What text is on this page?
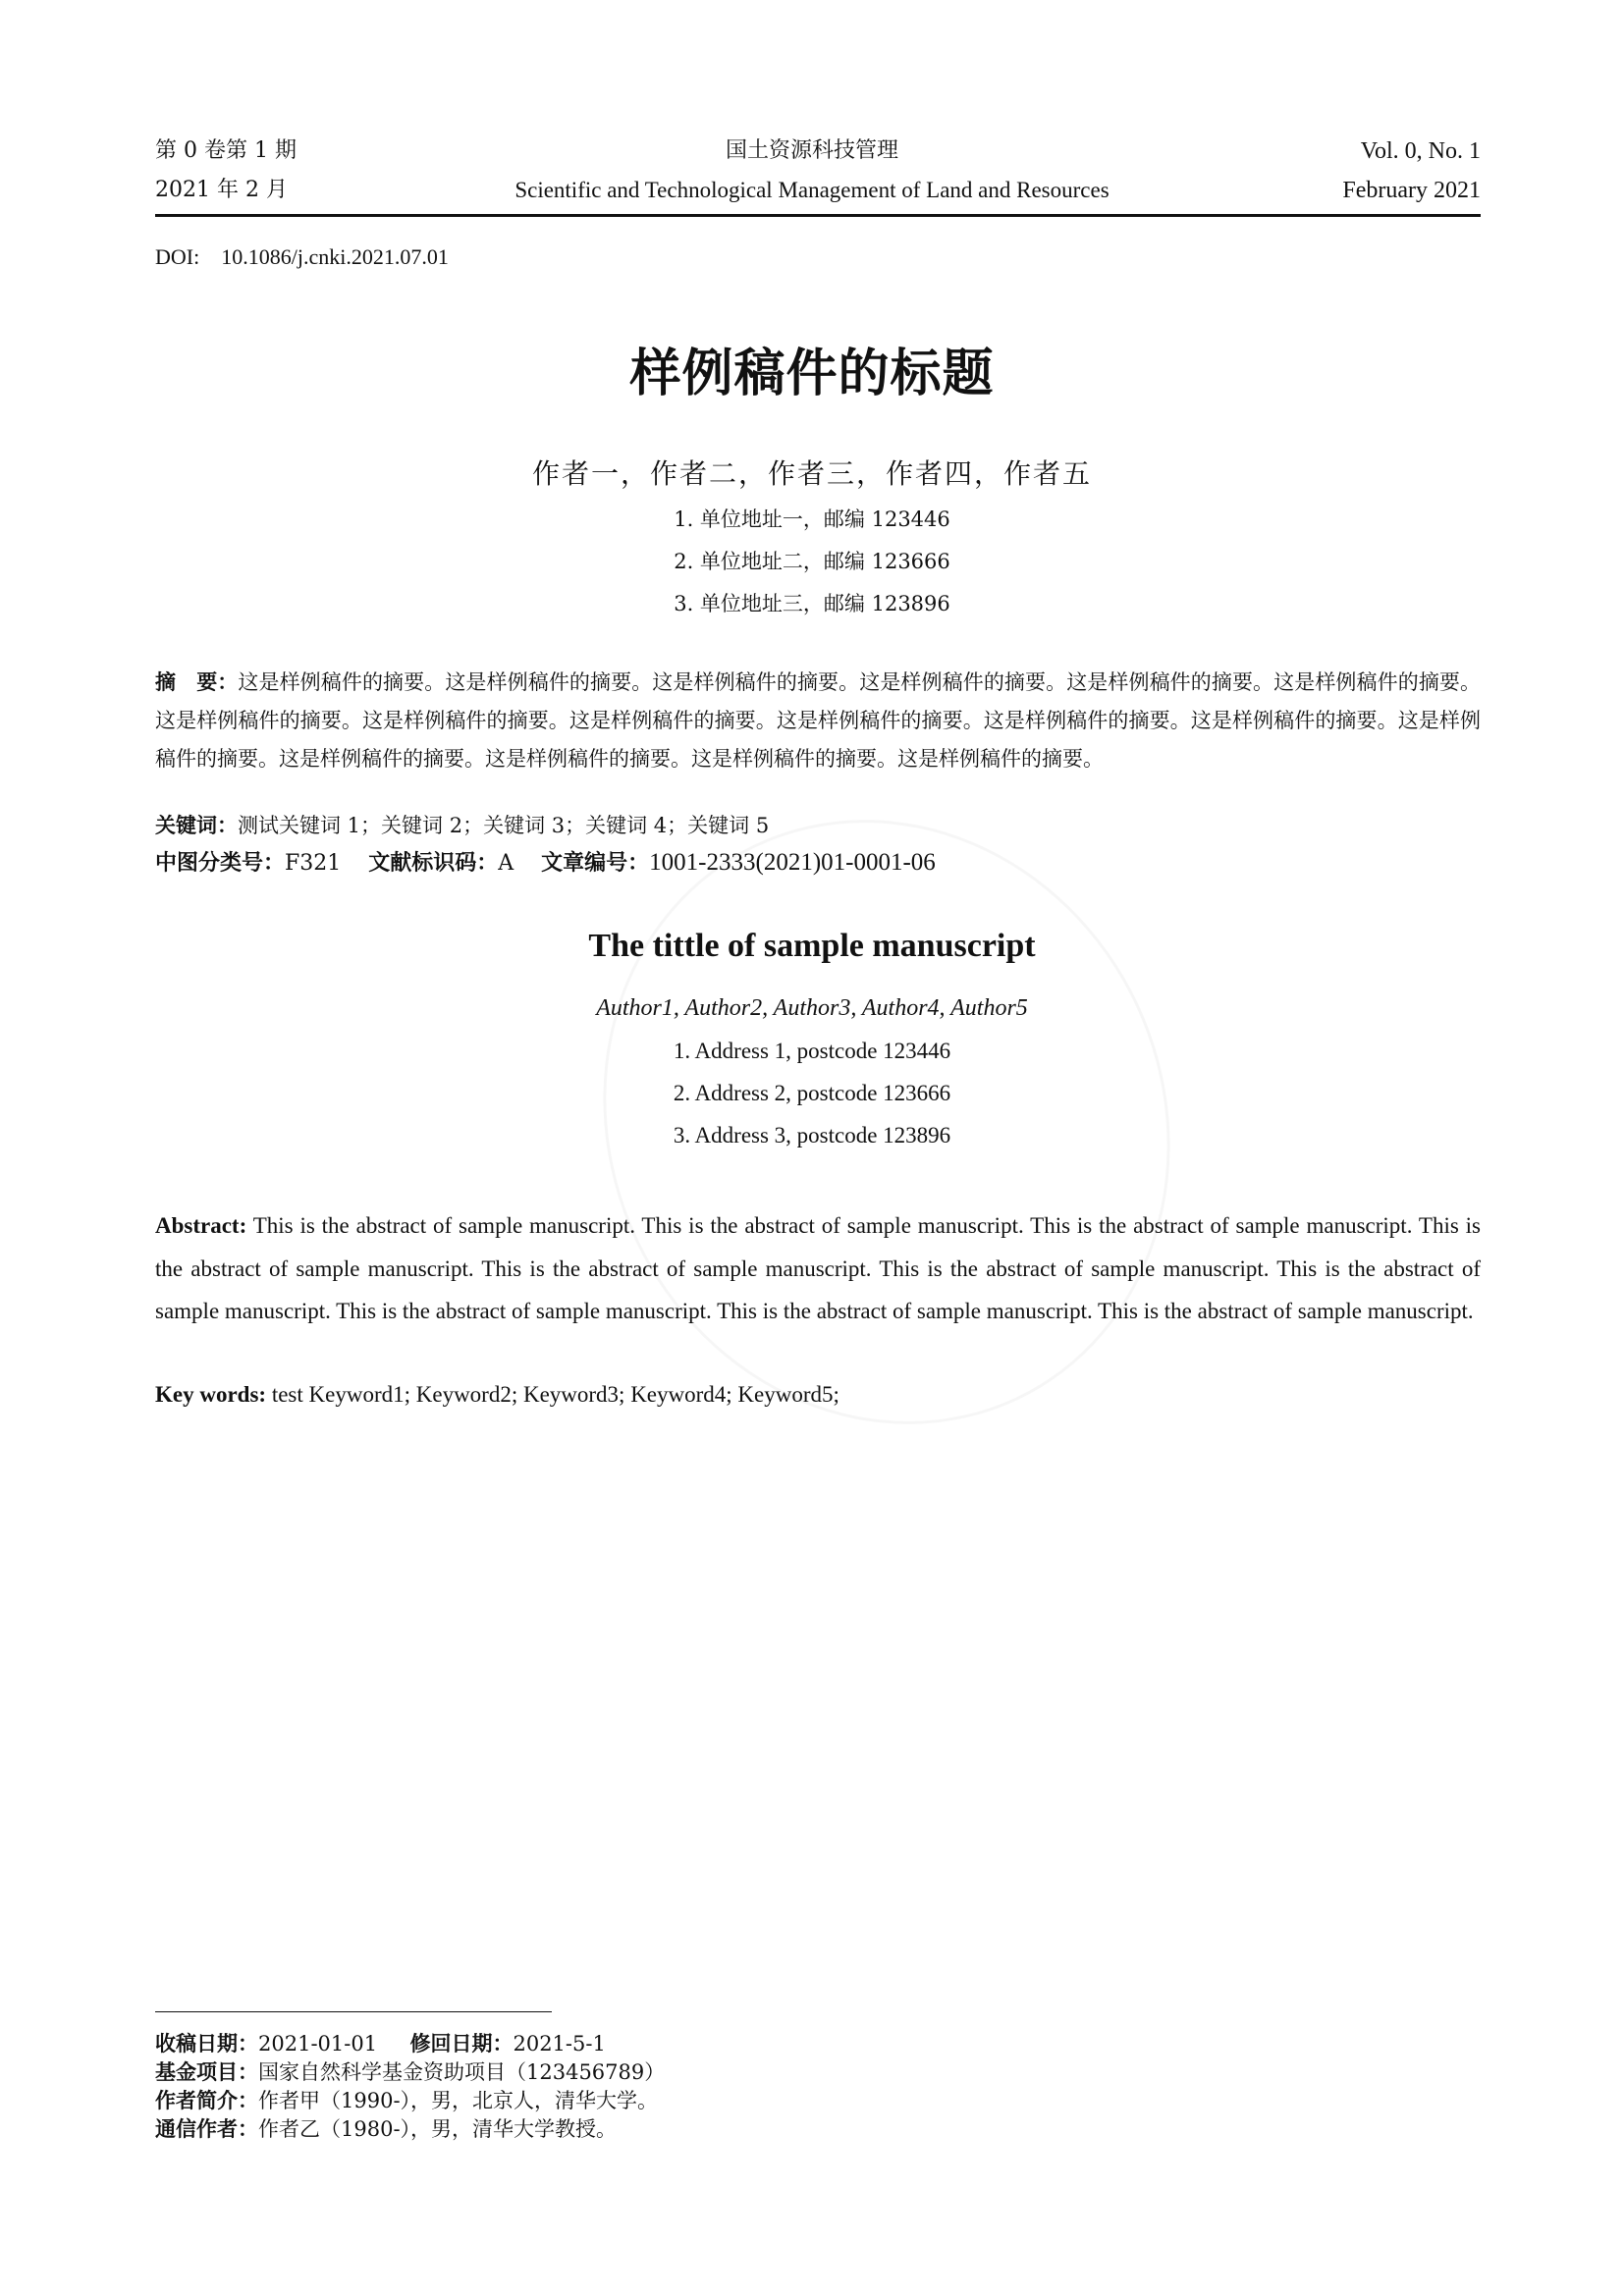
第 0 卷第 1 期
2021 年 2 月
国土资源科技管理
Scientific and Technological Management of Land and Resources
Vol. 0, No. 1
February 2021
DOI: 10.1086/j.cnki.2021.07.01
样例稿件的标题
作者一，作者二，作者三，作者四，作者五
1. 单位地址一，邮编 123446
2. 单位地址二，邮编 123666
3. 单位地址三，邮编 123896
摘　要：这是样例稿件的摘要。这是样例稿件的摘要。这是样例稿件的摘要。这是样例稿件的摘要。这是样例稿件的摘要。这是样例稿件的摘要。这是样例稿件的摘要。这是样例稿件的摘要。这是样例稿件的摘要。这是样例稿件的摘要。这是样例稿件的摘要。这是样例稿件的摘要。这是样例稿件的摘要。这是样例稿件的摘要。这是样例稿件的摘要。这是样例稿件的摘要。这是样例稿件的摘要。
关键词：测试关键词 1；关键词 2；关键词 3；关键词 4；关键词 5
中图分类号：F321 文献标识码：A 文章编号：1001-2333(2021)01-0001-06
The tittle of sample manuscript
Author1, Author2, Author3, Author4, Author5
1. Address 1, postcode 123446
2. Address 2, postcode 123666
3. Address 3, postcode 123896
Abstract: This is the abstract of sample manuscript. This is the abstract of sample manuscript. This is the abstract of sample manuscript. This is the abstract of sample manuscript. This is the abstract of sample manuscript. This is the abstract of sample manuscript. This is the abstract of sample manuscript. This is the abstract of sample manuscript. This is the abstract of sample manuscript. This is the abstract of sample manuscript.
Key words: test Keyword1; Keyword2; Keyword3; Keyword4; Keyword5;
收稿日期：2021-01-01 修回日期：2021-5-1
基金项目：国家自然科学基金资助项目（123456789）
作者简介：作者甲（1990-），男，北京人，清华大学。
通信作者：作者乙（1980-），男，清华大学教授。
